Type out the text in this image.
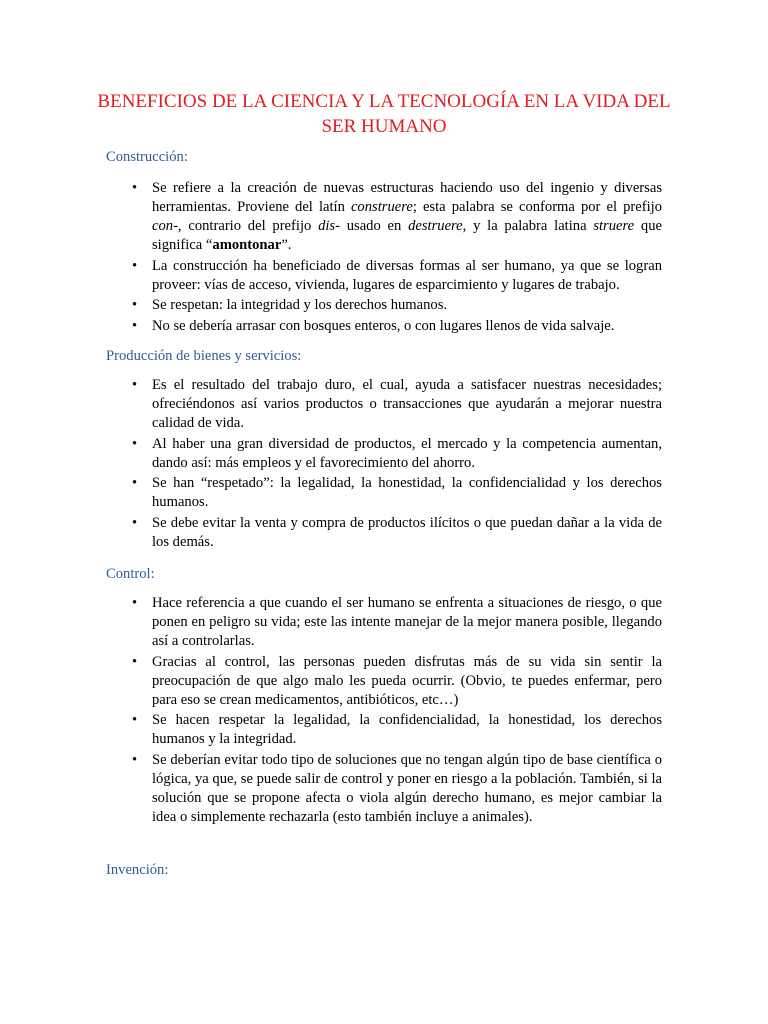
BENEFICIOS DE LA CIENCIA Y LA TECNOLOGÍA EN LA VIDA DEL SER HUMANO
Construcción:
• Se refiere a la creación de nuevas estructuras haciendo uso del ingenio y diversas herramientas. Proviene del latín construere; esta palabra se conforma por el prefijo con-, contrario del prefijo dis- usado en destruere, y la palabra latina struere que significa “amontonar”.
• La construcción ha beneficiado de diversas formas al ser humano, ya que se logran proveer: vías de acceso, vivienda, lugares de esparcimiento y lugares de trabajo.
• Se respetan: la integridad y los derechos humanos.
• No se debería arrasar con bosques enteros, o con lugares llenos de vida salvaje.
Producción de bienes y servicios:
• Es el resultado del trabajo duro, el cual, ayuda a satisfacer nuestras necesidades; ofreciéndonos así varios productos o transacciones que ayudarán a mejorar nuestra calidad de vida.
• Al haber una gran diversidad de productos, el mercado y la competencia aumentan, dando así: más empleos y el favorecimiento del ahorro.
• Se han “respetado”: la legalidad, la honestidad, la confidencialidad y los derechos humanos.
• Se debe evitar la venta y compra de productos ilícitos o que puedan dañar a la vida de los demás.
Control:
• Hace referencia a que cuando el ser humano se enfrenta a situaciones de riesgo, o que ponen en peligro su vida; este las intente manejar de la mejor manera posible, llegando así a controlarlas.
• Gracias al control, las personas pueden disfrutas más de su vida sin sentir la preocupación de que algo malo les pueda ocurrir. (Obvio, te puedes enfermar, pero para eso se crean medicamentos, antibióticos, etc…)
• Se hacen respetar la legalidad, la confidencialidad, la honestidad, los derechos humanos y la integridad.
• Se deberían evitar todo tipo de soluciones que no tengan algún tipo de base científica o lógica, ya que, se puede salir de control y poner en riesgo a la población. También, si la solución que se propone afecta o viola algún derecho humano, es mejor cambiar la idea o simplemente rechazarla (esto también incluye a animales).
Invención:
